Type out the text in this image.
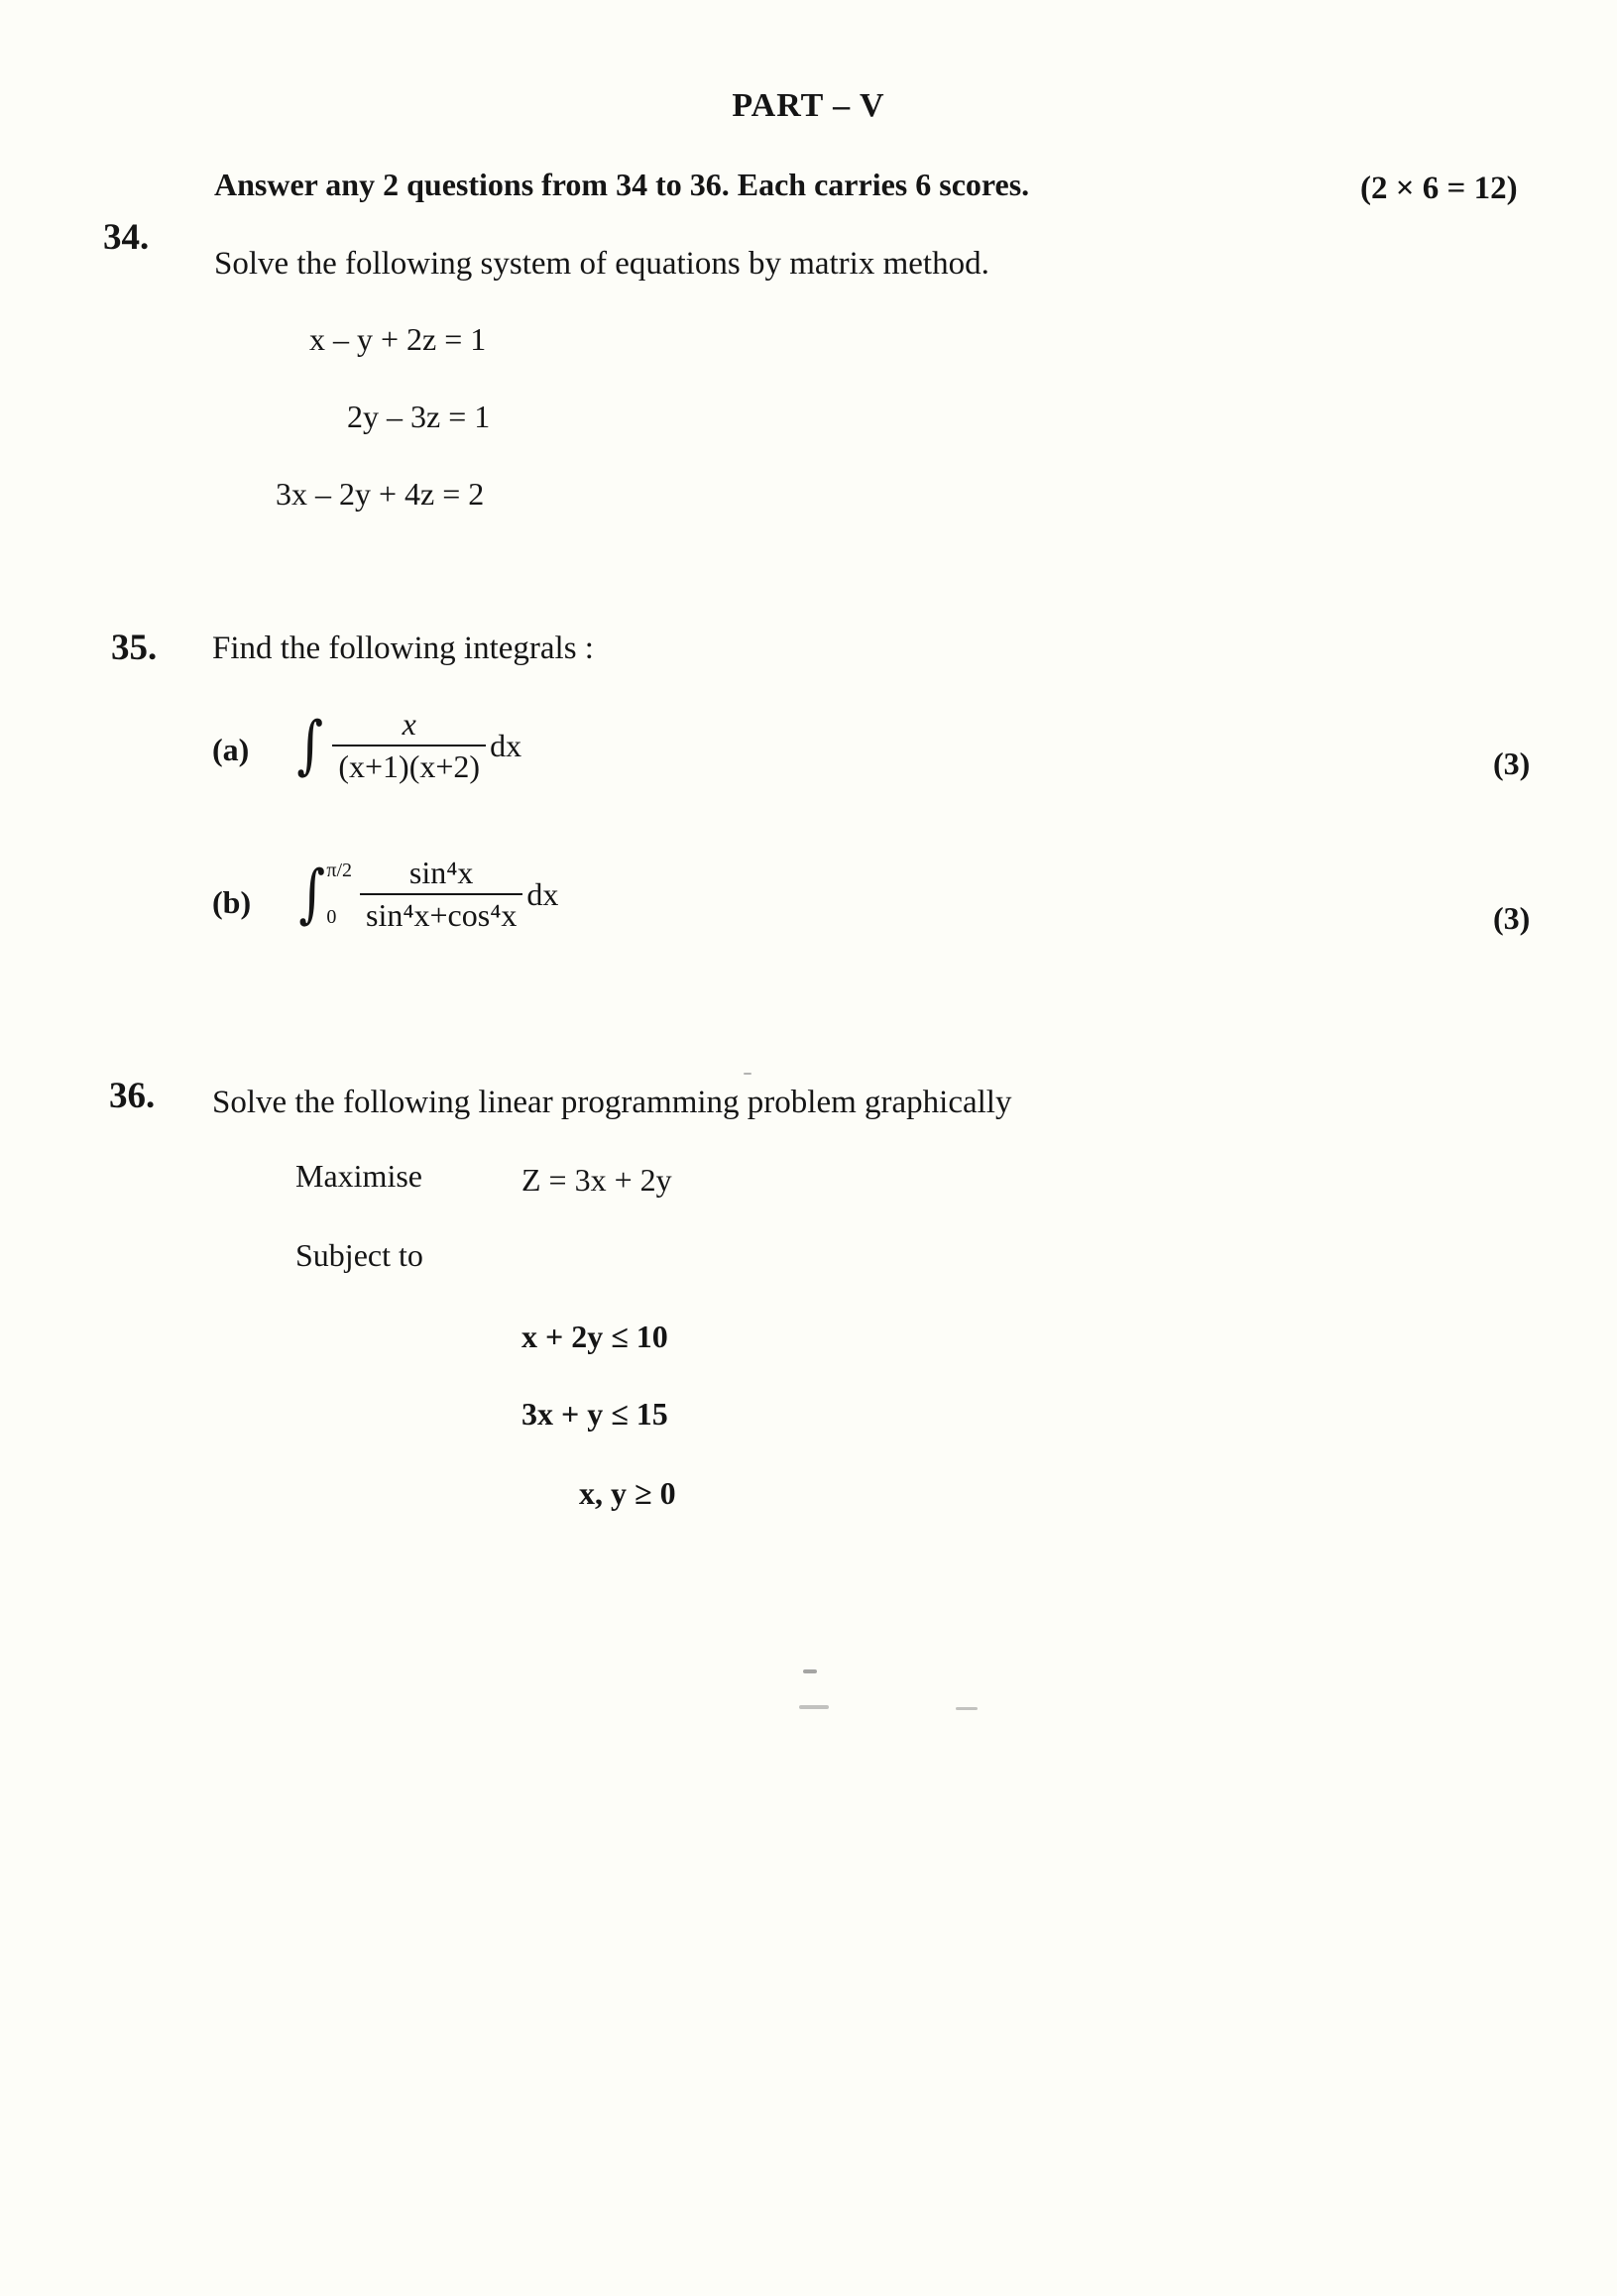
PART – V
Answer any 2 questions from 34 to 36. Each carries 6 scores.	(2 × 6 = 12)
34.
Solve the following system of equations by matrix method.
x – y + 2z = 1
2y – 3z = 1
3x – 2y + 4z = 2
35. Find the following integrals :
(a) ∫ $\frac{x}{(x+1)(x+2)}$ dx
(3)
(b) ∫ π/2
$0 \frac{\text{sin⁴x}}{\text{sin⁴x+cos⁴x}}$ dx
(3)
36. Solve the following linear programming problem graphically
Maximise	Z = 3x + 2y
Subject to
x + 2y ≤ 10
3x + y ≤ 15
x, y ≥ 0
